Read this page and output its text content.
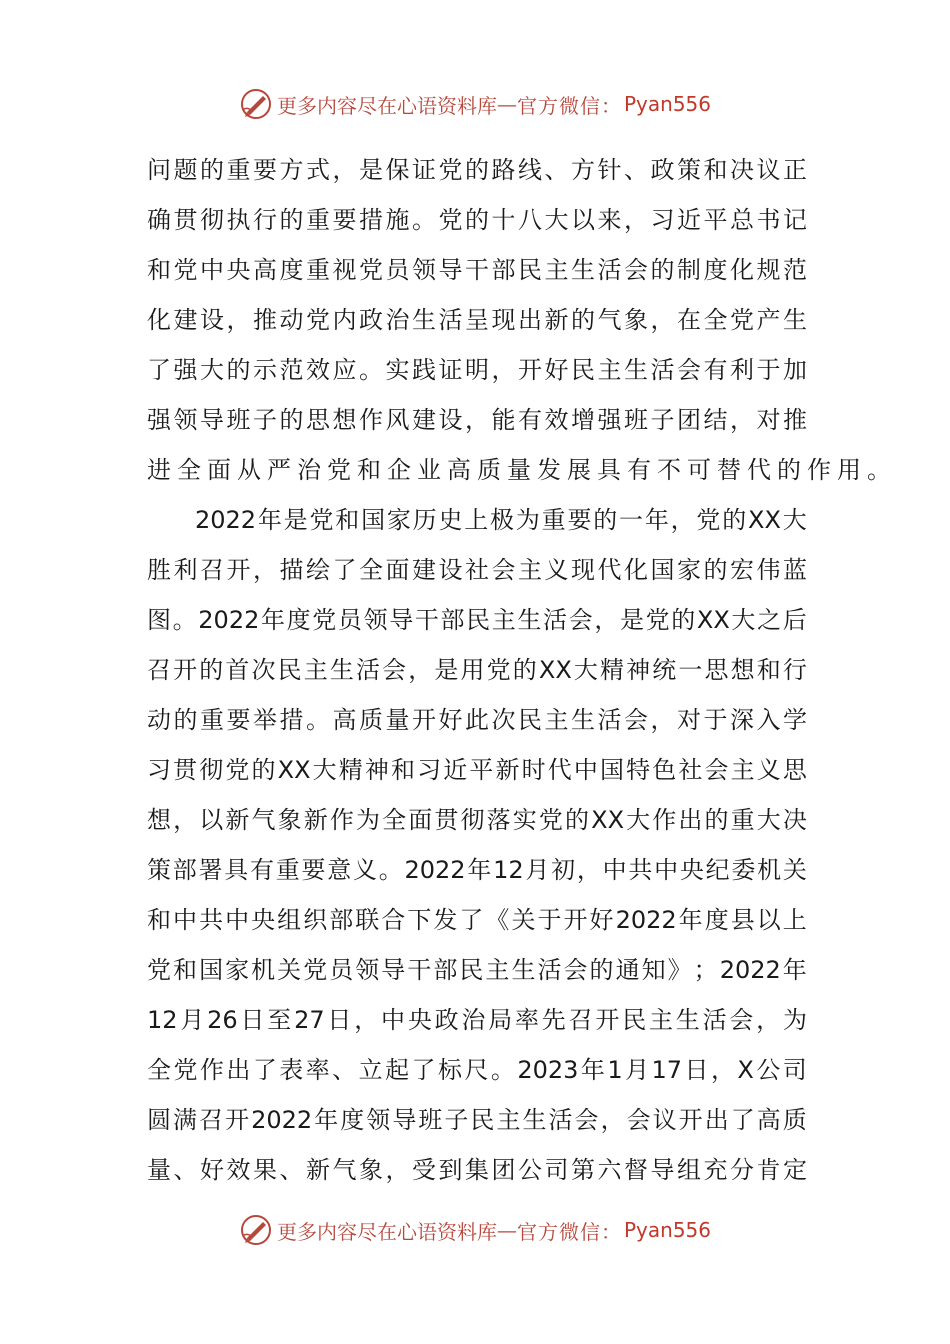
更多内容尽在心语资料库 — 官方微信： Pyan556
问 题 的 重 要 方 式 ， 是 保 证 党 的 路 线 、 方 针 、 政 策 和 决 议 正
确 贯 彻 执 行 的 重 要 措 施 。 党 的 十 八 大 以 来 ， 习 近 平 总 书 记
和 党 中 央 高 度 重 视 党 员 领 导 干 部 民 主 生 活 会 的 制 度 化 规 范
化 建 设 ， 推 动 党 内 政 治 生 活 呈 现 出 新 的 气 象 ， 在 全 党 产 生
了 强 大 的 示 范 效 应 。 实 践 证 明 ， 开 好 民 主 生 活 会 有 利 于 加
强 领 导 班 子 的 思 想 作 风 建 设 ， 能 有 效 增 强 班 子 团 结 ， 对 推
进 全 面 从 严 治 党 和 企 业 高 质 量 发 展 具 有 不 可 替 代 的 作 用 。
2022 年 是 党 和 国 家 历 史 上 极 为 重 要 的 一 年 ， 党 的 XX 大
胜 利 召 开 ， 描 绘 了 全 面 建 设 社 会 主 义 现 代 化 国 家 的 宏 伟 蓝
图 。 2022 年 度 党 员 领 导 干 部 民 主 生 活 会 ， 是 党 的 XX 大 之 后
召 开 的 首 次 民 主 生 活 会 ， 是 用 党 的 XX 大 精 神 统 一 思 想 和 行
动 的 重 要 举 措 。 高 质 量 开 好 此 次 民 主 生 活 会 ， 对 于 深 入 学
习 贯 彻 党 的 XX 大 精 神 和 习 近 平 新 时 代 中 国 特 色 社 会 主 义 思
想 ， 以 新 气 象 新 作 为 全 面 贯 彻 落 实 党 的 XX 大 作 出 的 重 大 决
策 部 署 具 有 重 要 意 义 。 2022 年 12 月 初 ， 中 共 中 央 纪 委 机 关
和 中 共 中 央 组 织 部 联 合 下 发 了 《 关 于 开 好 2022 年 度 县 以 上
党 和 国 家 机 关 党 员 领 导 干 部 民 主 生 活 会 的 通 知 》 ； 2022 年
12 月 26 日 至 27 日 ， 中 央 政 治 局 率 先 召 开 民 主 生 活 会 ， 为
全 党 作 出 了 表 率 、 立 起 了 标 尺 。 2023 年 1 月 17 日 ， X 公 司
圆 满 召 开 2022 年 度 领 导 班 子 民 主 生 活 会 ， 会 议 开 出 了 高 质
量 、 好 效 果 、 新 气 象 ， 受 到 集 团 公 司 第 六 督 导 组 充 分 肯 定
更多内容尽在心语资料库 — 官方微信： Pyan556
